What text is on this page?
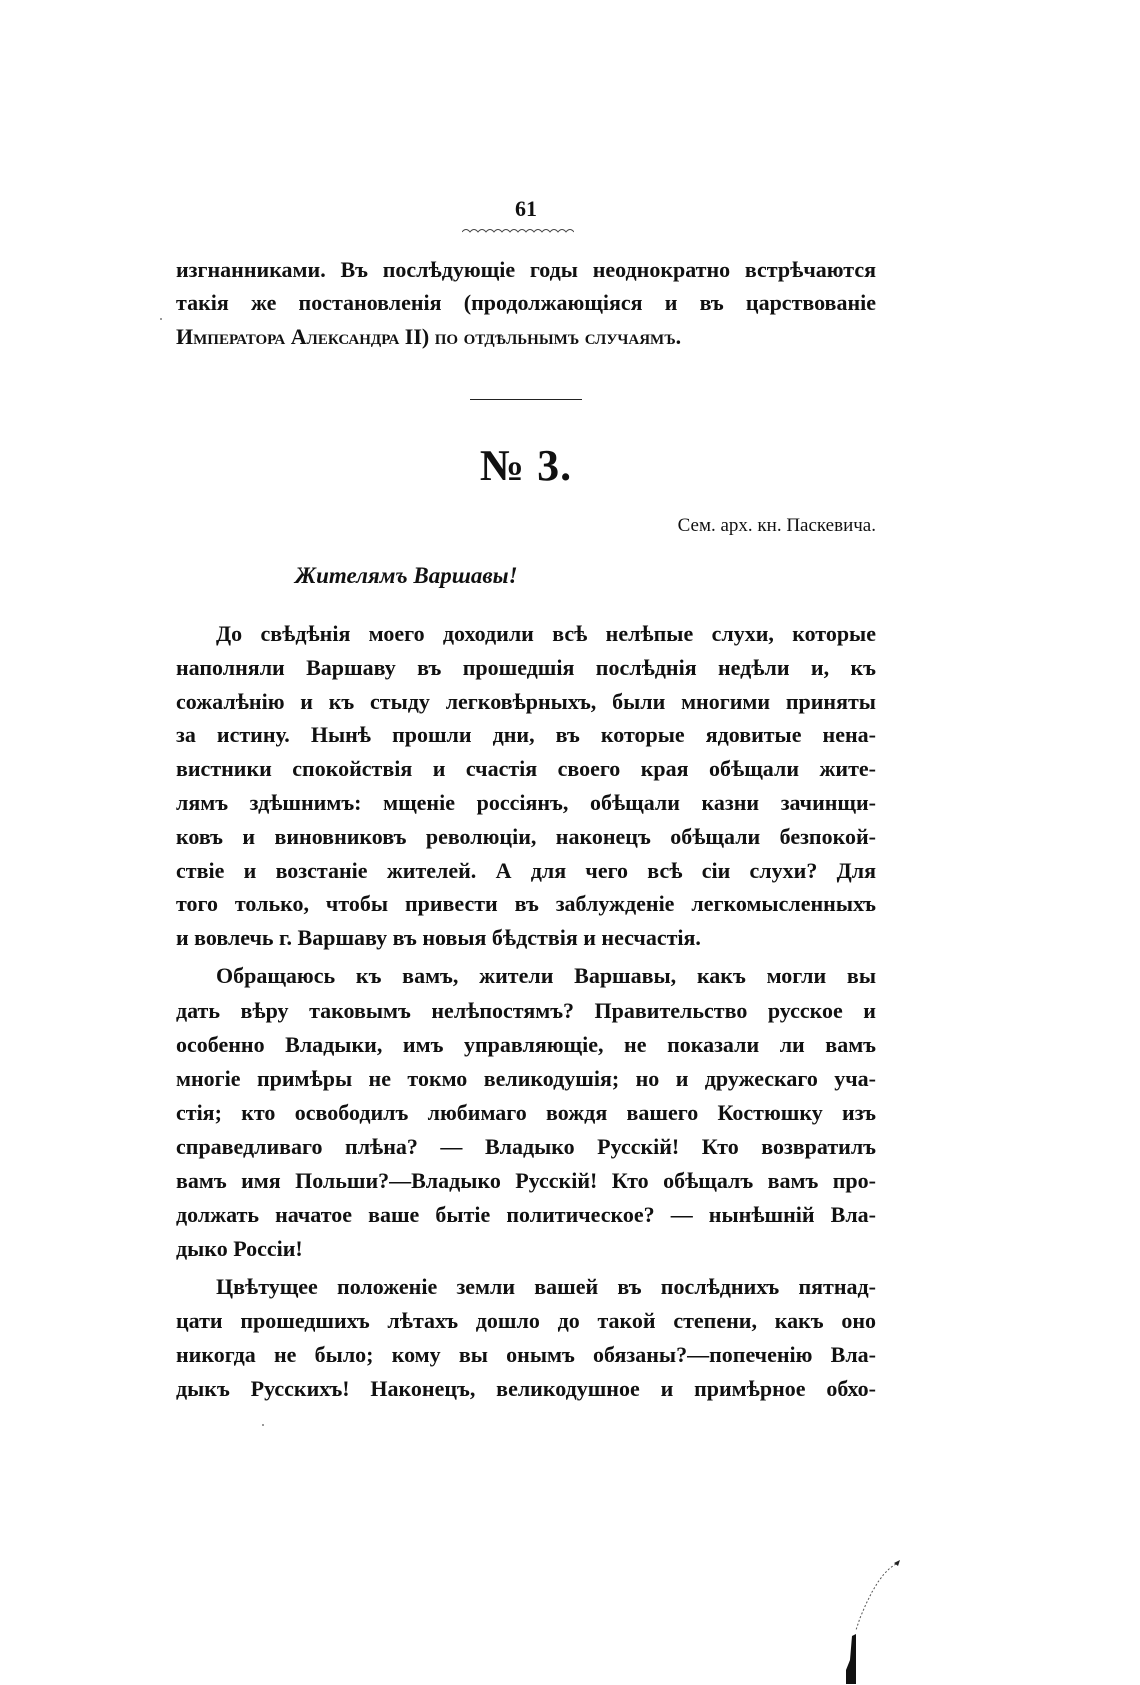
61
изгнанниками. Въ послѣдующіе годы неоднократно встрѣчаются
такія же постановленія (продолжающіяся и въ царствованіе
Императора Александра II) по отдѣльнымъ случаямъ.
№ 3.
Сем. арх. кн. Паскевича.
Жителямъ Варшавы!
До свѣдѣнія моего доходили всѣ нелѣпые слухи, которые
наполняли Варшаву въ прошедшія послѣднія недѣли и, къ
сожалѣнію и къ стыду легковѣрныхъ, были многими приняты
за истину. Нынѣ прошли дни, въ которые ядовитые нена-
вистники спокойствія и счастія своего края обѣщали жите-
лямъ здѣшнимъ: мщеніе россіянъ, обѣщали казни зачинщи-
ковъ и виновниковъ революціи, наконецъ обѣщали безпокой-
ствіе и возстаніе жителей. А для чего всѣ сіи слухи? Для
того только, чтобы привести въ заблужденіе легкомысленныхъ
и вовлечь г. Варшаву въ новыя бѣдствія и несчастія.
Обращаюсь къ вамъ, жители Варшавы, какъ могли вы
дать вѣру таковымъ нелѣпостямъ? Правительство русское и
особенно Владыки, имъ управляющіе, не показали ли вамъ
многіе примѣры не токмо великодушія; но и дружескаго уча-
стія; кто освободилъ любимаго вождя вашего Костюшку изъ
справедливаго плѣна? — Владыко Русскій! Кто возвратилъ
вамъ имя Польши?—Владыко Русскій! Кто обѣщалъ вамъ про-
должать начатое ваше бытіе политическое? — нынѣшній Вла-
дыко Россіи!
Цвѣтущее положеніе земли вашей въ послѣднихъ пятнад-
цати прошедшихъ лѣтахъ дошло до такой степени, какъ оно
никогда не было; кому вы онымъ обязаны?—попеченію Вла-
дыкъ Русскихъ! Наконецъ, великодушное и примѣрное обхо-
